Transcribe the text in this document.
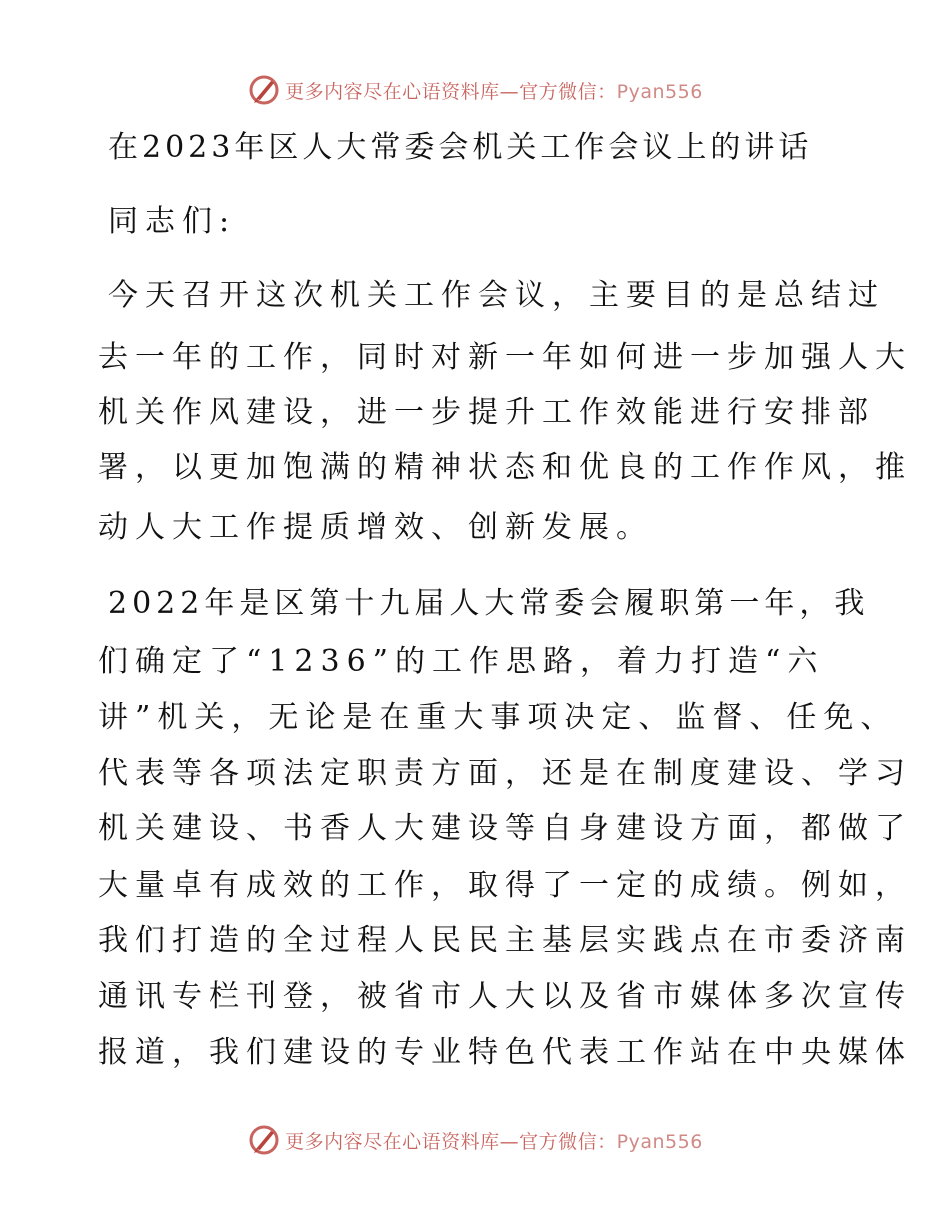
更多内容尽在心语资料库—官方微信：Pyan556
在2023年区人大常委会机关工作会议上的讲话
同志们:
今天召开这次机关工作会议，主要目的是总结过
去一年的工作，同时对新一年如何进一步加强人大
机关作风建设，进一步提升工作效能进行安排部
署，以更加饱满的精神状态和优良的工作作风，推
动人大工作提质增效、创新发展。
2022年是区第十九届人大常委会履职第一年，我
们确定了“1236”的工作思路，着力打造“六
讲”机关，无论是在重大事项决定、监督、任免、
代表等各项法定职责方面，还是在制度建设、学习
机关建设、书香人大建设等自身建设方面，都做了
大量卓有成效的工作，取得了一定的成绩。例如，
我们打造的全过程人民民主基层实践点在市委济南
通讯专栏刊登，被省市人大以及省市媒体多次宣传
报道，我们建设的专业特色代表工作站在中央媒体
更多内容尽在心语资料库—官方微信：Pyan556
